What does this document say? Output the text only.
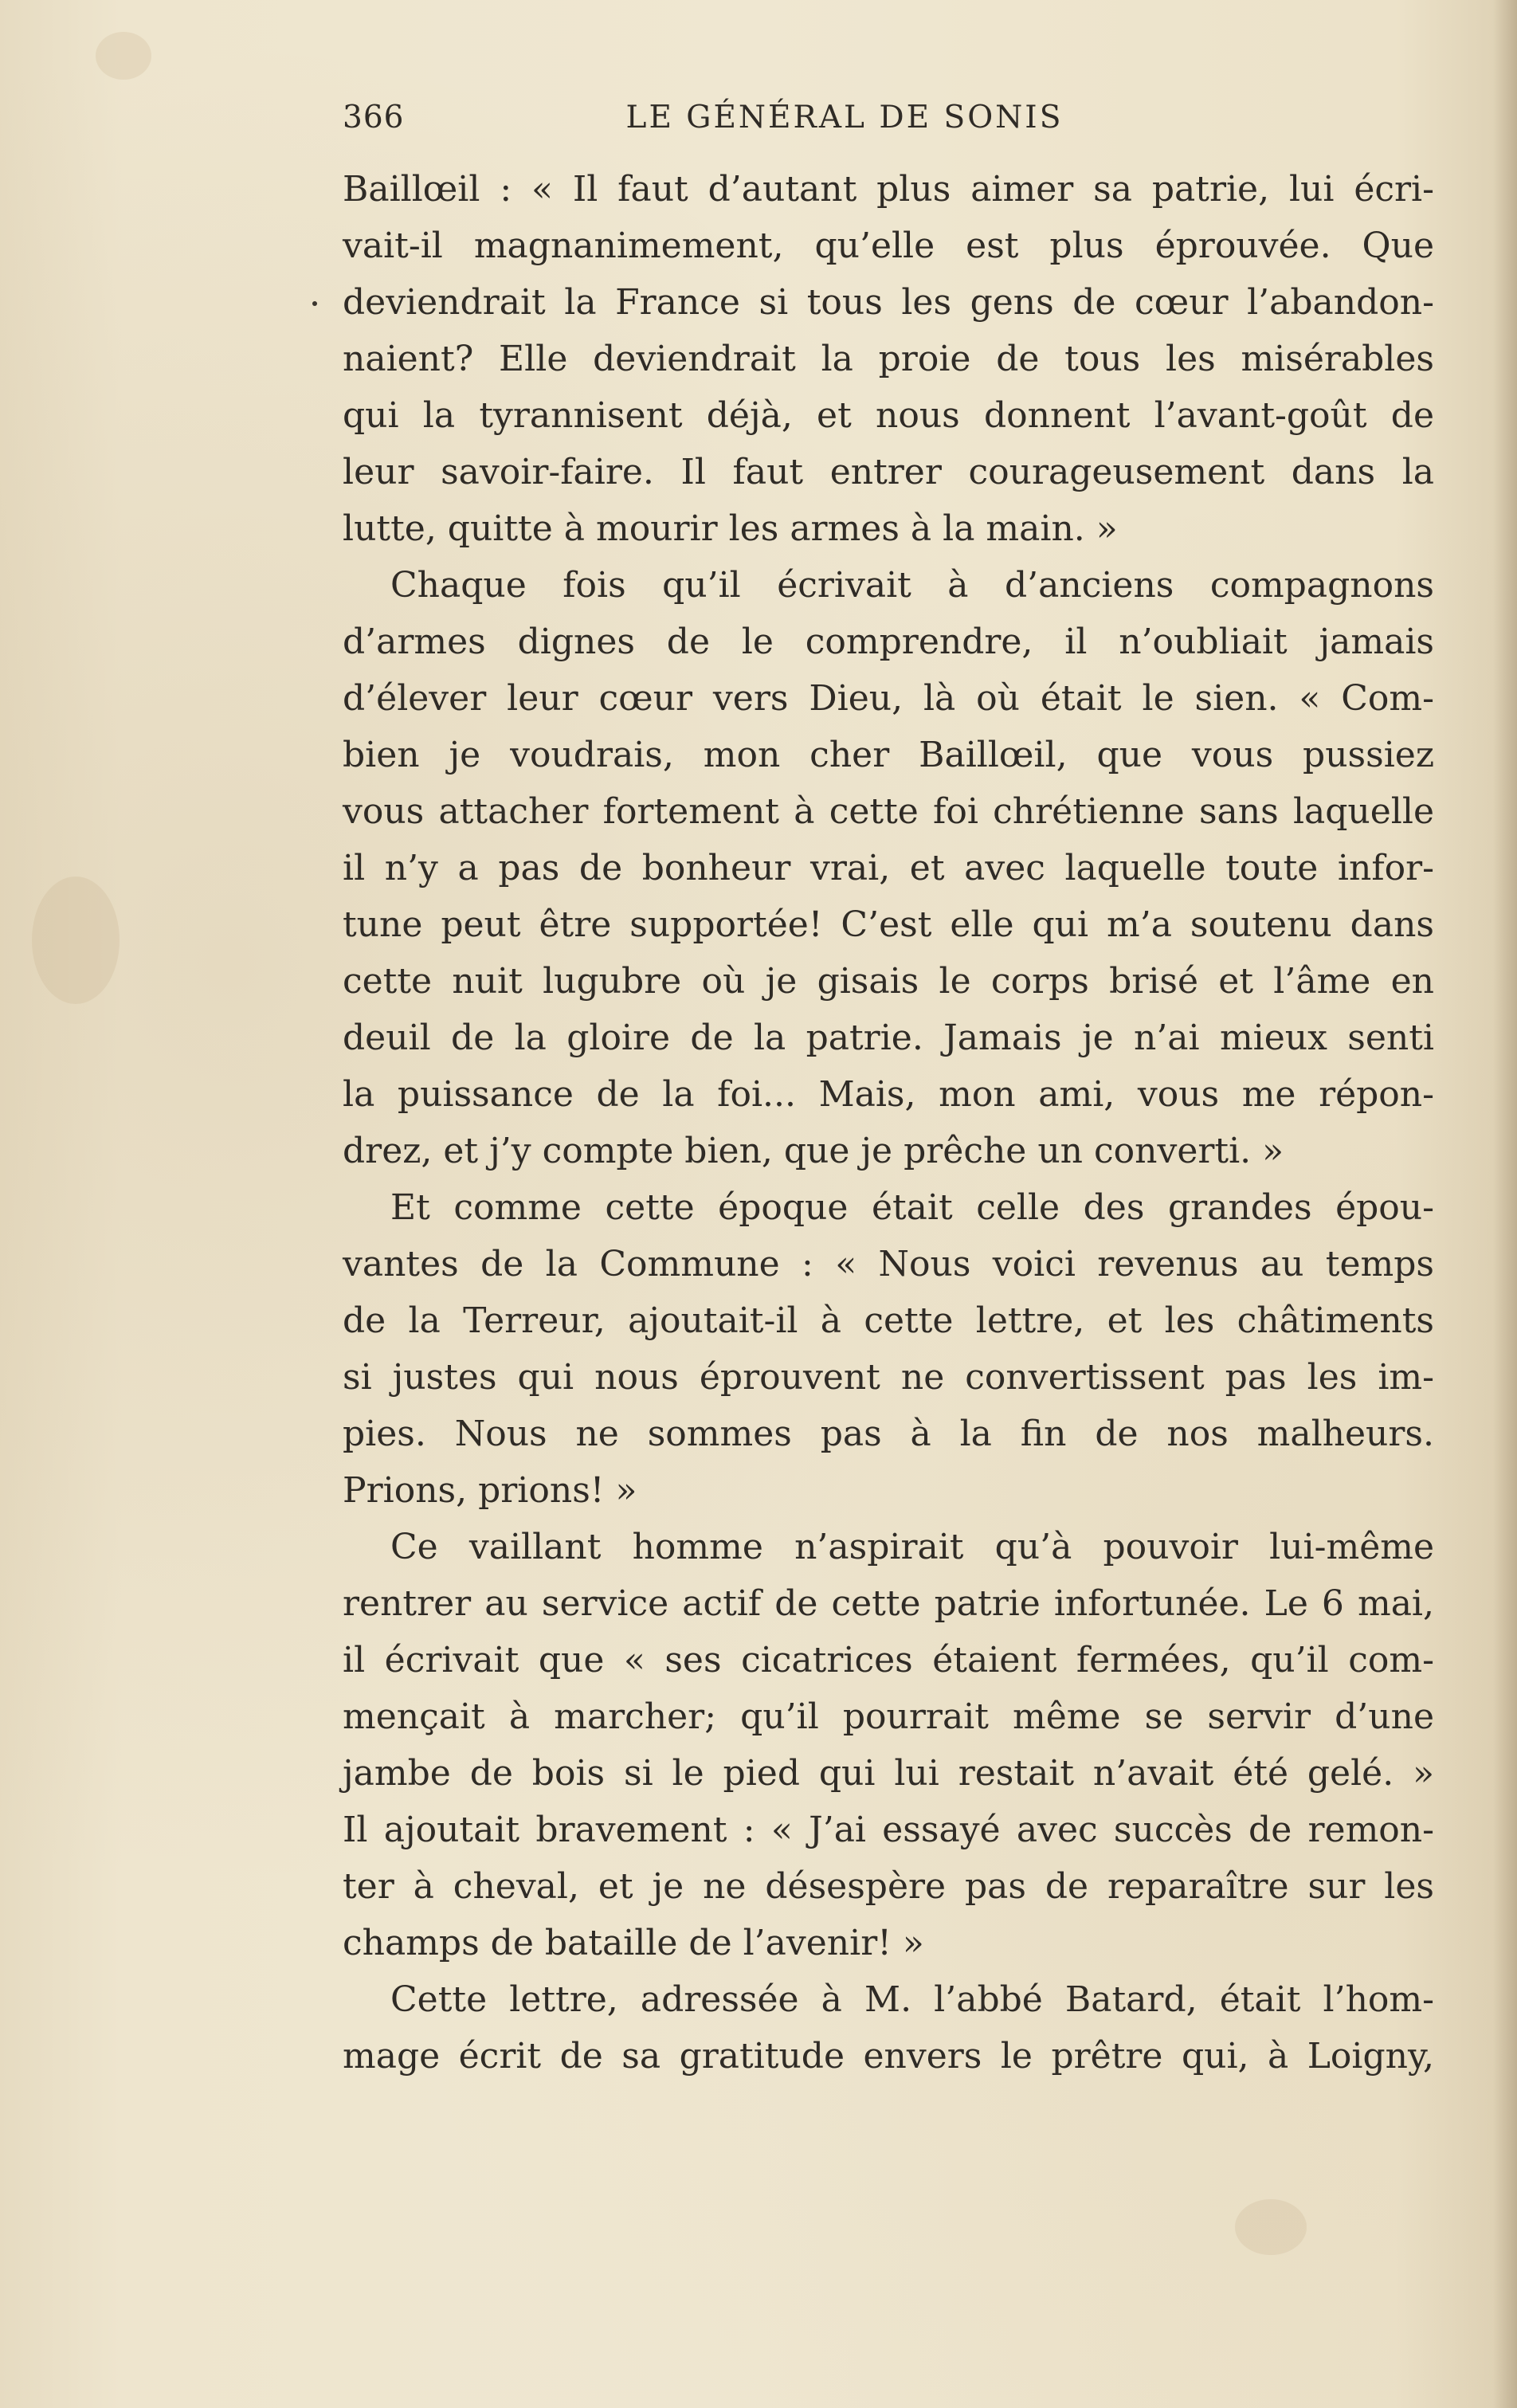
LE GÉNÉRAL DE SONIS
366
Baillœil : « Il faut d’autant plus aimer sa patrie, lui écri-
vait-il magnanimement, qu’elle est plus éprouvée. Que
deviendrait la France si tous les gens de cœur l’abandon-
naient? Elle deviendrait la proie de tous les misérables
qui la tyrannisent déjà, et nous donnent l’avant-goût de
leur savoir-faire. Il faut entrer courageusement dans la
lutte, quitte à mourir les armes à la main. »
Chaque fois qu’il écrivait à d’anciens compagnons
d’armes dignes de le comprendre, il n’oubliait jamais
d’élever leur cœur vers Dieu, là où était le sien. « Com-
bien je voudrais, mon cher Baillœil, que vous pussiez
vous attacher fortement à cette foi chrétienne sans laquelle
il n’y a pas de bonheur vrai, et avec laquelle toute infor-
tune peut être supportée! C’est elle qui m’a soutenu dans
cette nuit lugubre où je gisais le corps brisé et l’âme en
deuil de la gloire de la patrie. Jamais je n’ai mieux senti
la puissance de la foi... Mais, mon ami, vous me répon-
drez, et j’y compte bien, que je prêche un converti. »
Et comme cette époque était celle des grandes épou-
vantes de la Commune : « Nous voici revenus au temps
de la Terreur, ajoutait-il à cette lettre, et les châtiments
si justes qui nous éprouvent ne convertissent pas les im-
pies. Nous ne sommes pas à la fin de nos malheurs.
Prions, prions! »
Ce vaillant homme n’aspirait qu’à pouvoir lui-même
rentrer au service actif de cette patrie infortunée. Le 6 mai,
il écrivait que « ses cicatrices étaient fermées, qu’il com-
mençait à marcher; qu’il pourrait même se servir d’une
jambe de bois si le pied qui lui restait n’avait été gelé. »
Il ajoutait bravement : « J’ai essayé avec succès de remon-
ter à cheval, et je ne désespère pas de reparaître sur les
champs de bataille de l’avenir! »
Cette lettre, adressée à M. l’abbé Batard, était l’hom-
mage écrit de sa gratitude envers le prêtre qui, à Loigny,
